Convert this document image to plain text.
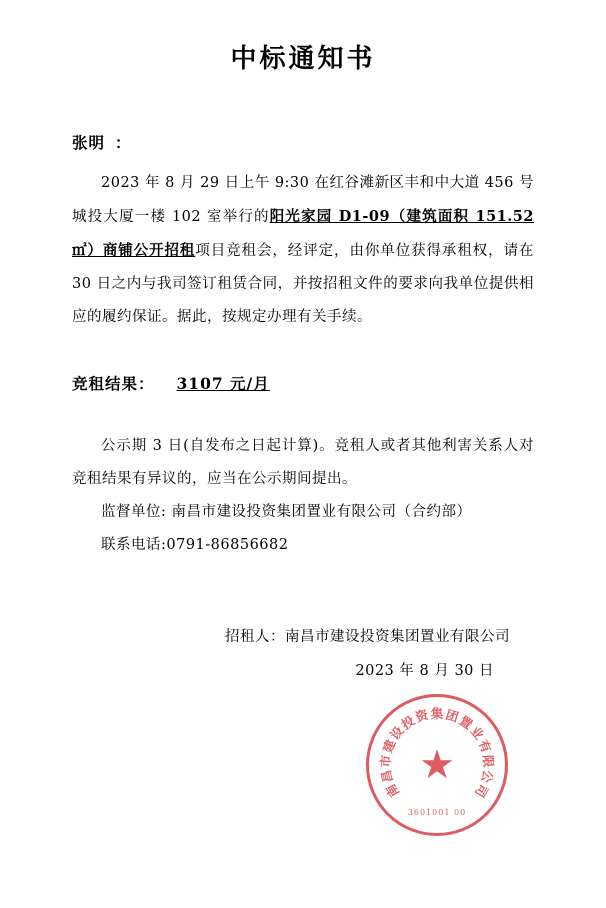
中标通知书
张明 ：
2023 年 8 月 29 日上午 9:30 在红谷滩新区丰和中大道 456 号城投大厦一楼 102 室举行的阳光家园 D1-09（建筑面积 151.52 ㎡）商铺公开招租项目竞租会，经评定，由你单位获得承租权，请在 30 日之内与我司签订租赁合同，并按招租文件的要求向我单位提供相应的履约保证。据此，按规定办理有关手续。
竞租结果： 3107 元/月
公示期 3 日(自发布之日起计算)。竞租人或者其他利害关系人对竞租结果有异议的，应当在公示期间提出。
监督单位: 南昌市建设投资集团置业有限公司（合约部）
联系电话:0791-86856682
招租人：南昌市建设投资集团置业有限公司
2023 年 8 月 30 日
南
昌
市
建
设
投
资 集 团
置
业
有
限
公
司
★
3601001 00
